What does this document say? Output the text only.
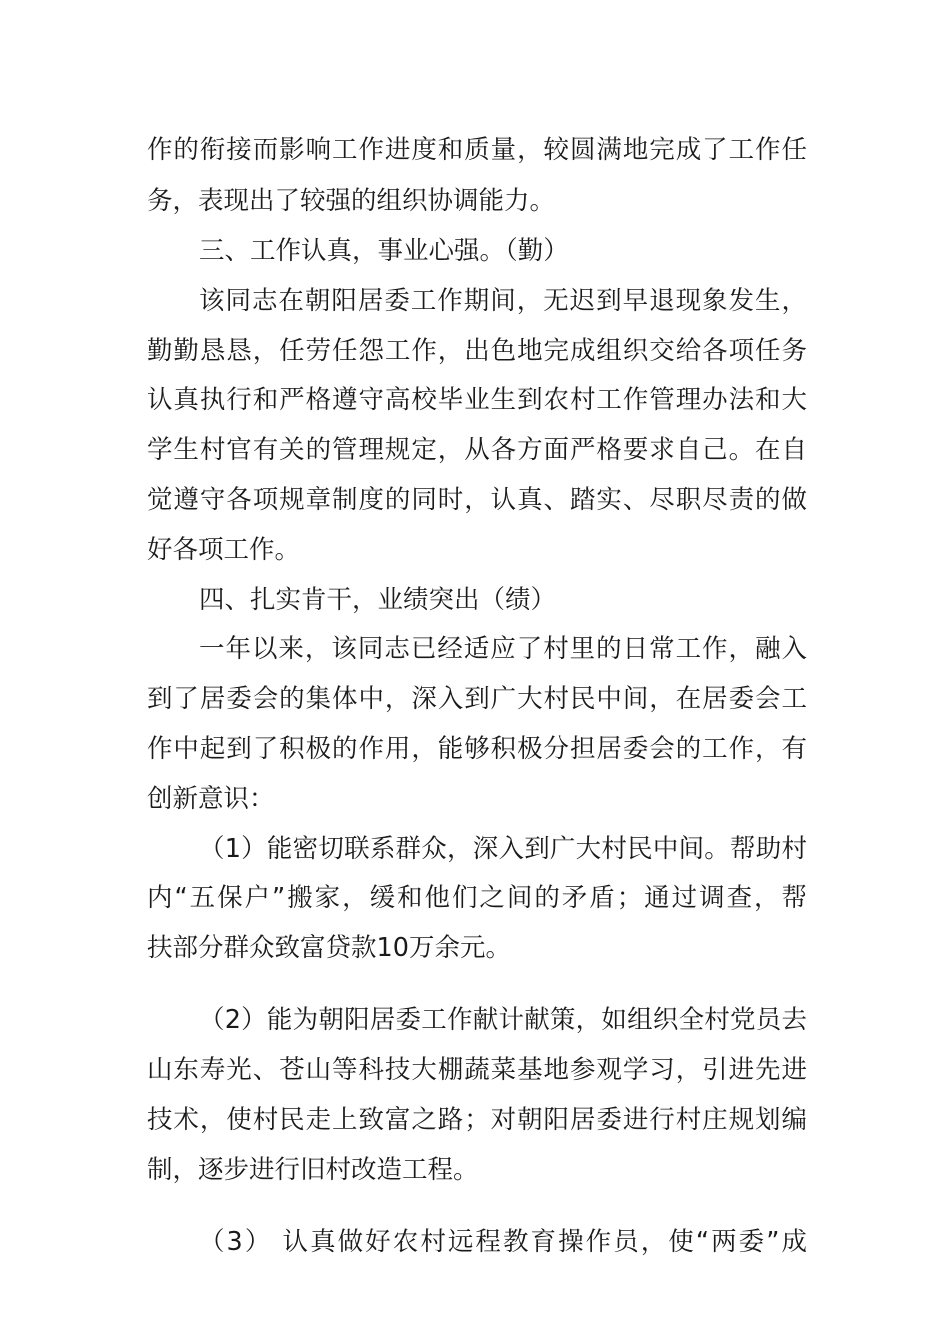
作的衔接而影响工作进度和质量，较圆满地完成了工作任
务，表现出了较强的组织协调能力。
三、工作认真，事业心强。（勤）
该同志在朝阳居委工作期间，无迟到早退现象发生，
勤勤恳恳，任劳任怨工作，出色地完成组织交给各项任务
认真执行和严格遵守高校毕业生到农村工作管理办法和大
学生村官有关的管理规定，从各方面严格要求自己。在自
觉遵守各项规章制度的同时，认真、踏实、尽职尽责的做
好各项工作。
四、扎实肯干，业绩突出（绩）
一年以来，该同志已经适应了村里的日常工作，融入
到了居委会的集体中，深入到广大村民中间，在居委会工
作中起到了积极的作用，能够积极分担居委会的工作，有
创新意识：
（1）能密切联系群众，深入到广大村民中间。帮助村
内“五保户”搬家，缓和他们之间的矛盾；通过调查，帮
扶部分群众致富贷款10万余元。
（2）能为朝阳居委工作献计献策，如组织全村党员去
山东寿光、苍山等科技大棚蔬菜基地参观学习，引进先进
技术，使村民走上致富之路；对朝阳居委进行村庄规划编
制，逐步进行旧村改造工程。
（3） 认真做好农村远程教育操作员，使“两委”成
